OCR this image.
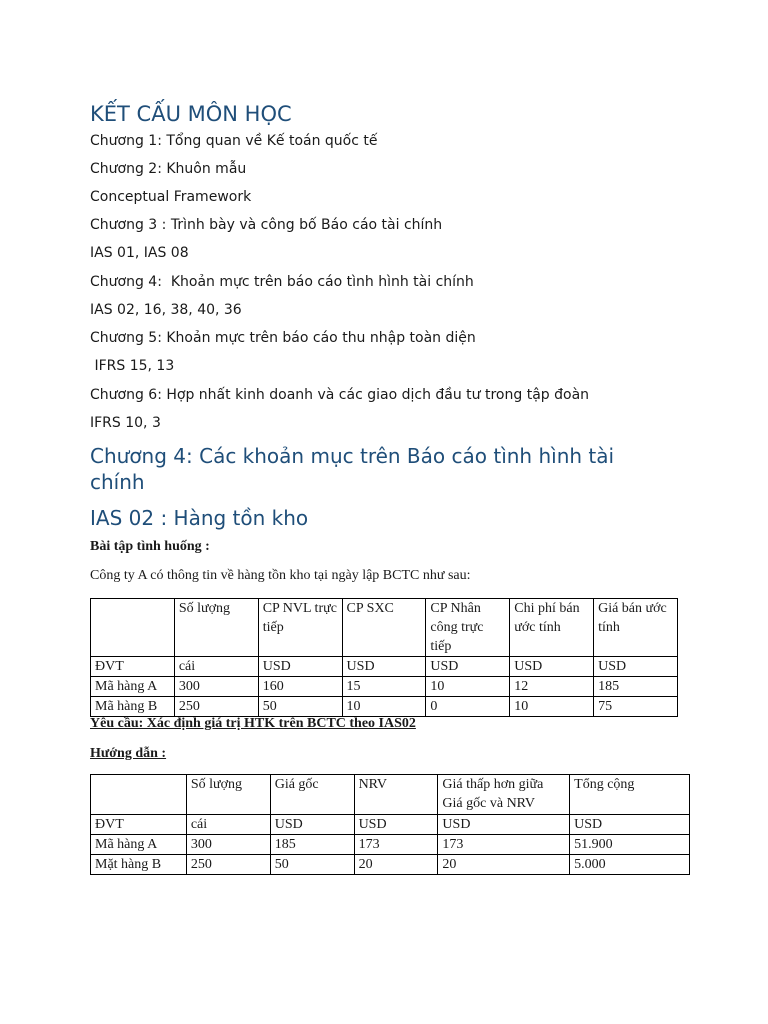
KẾT CẤU MÔN HỌC
Chương 1: Tổng quan về Kế toán quốc tế
Chương 2: Khuôn mẫu
Conceptual Framework
Chương 3 : Trình bày và công bố Báo cáo tài chính
IAS 01, IAS 08
Chương 4:  Khoản mực trên báo cáo tình hình tài chính
IAS 02, 16, 38, 40, 36
Chương 5: Khoản mực trên báo cáo thu nhập toàn diện
IFRS 15, 13
Chương 6: Hợp nhất kinh doanh và các giao dịch đầu tư trong tập đoàn
IFRS 10, 3
Chương 4: Các khoản mục trên Báo cáo tình hình tài chính
IAS 02 : Hàng tồn kho
Bài tập tình huống :
Công ty A có thông tin về hàng tồn kho tại ngày lập BCTC như sau:
	Số lượng	CP NVL trực tiếp	CP SXC	CP Nhân công trực tiếp	Chi phí bán ước tính	Giá bán ước tính
ĐVT	cái	USD	USD	USD	USD	USD
Mã hàng A	300	160	15	10	12	185
Mã hàng B	250	50	10	0	10	75
Yêu cầu: Xác định giá trị HTK trên BCTC theo IAS02
Hướng dẫn :
	Số lượng	Giá gốc	NRV	Giá thấp hơn giữa Giá gốc và NRV	Tổng cộng
ĐVT	cái	USD	USD	USD	USD
Mã hàng A	300	185	173	173	51.900
Mặt hàng B	250	50	20	20	5.000
